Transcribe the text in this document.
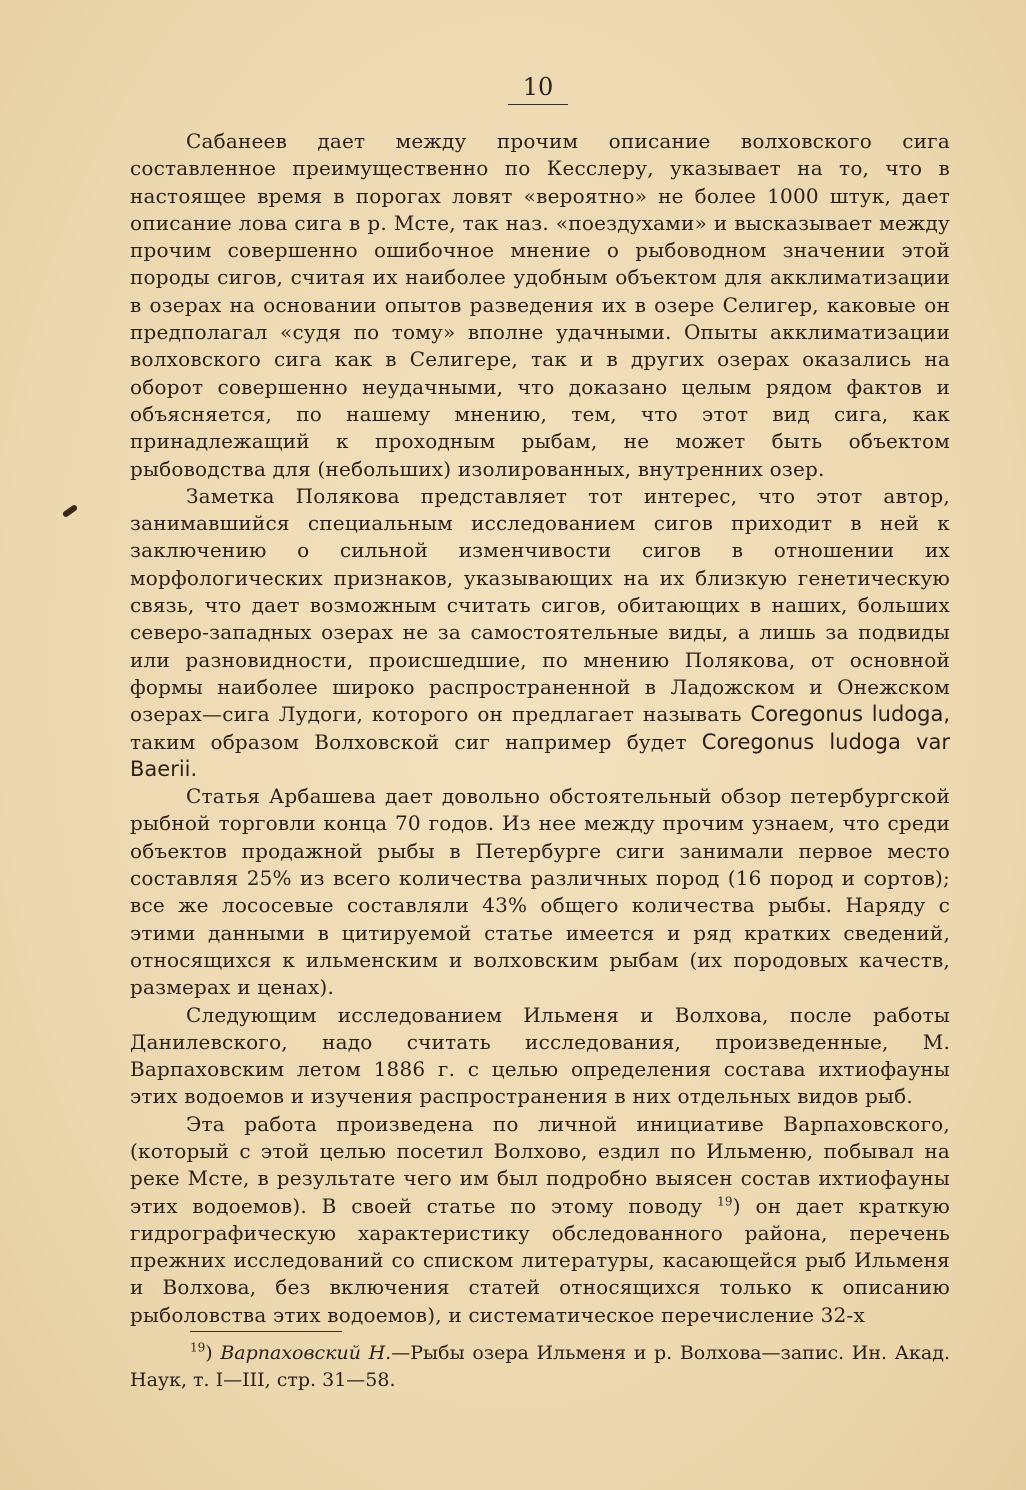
10

Сабанеев дает между прочим описание волховского сига составленное преимущественно по Кесслеру, указывает на то, что в настоящее время в порогах ловят «вероятно» не более 1000 штук, дает описание лова сига в р. Мсте, так наз. «поездухами» и высказывает между прочим совершенно ошибочное мнение о рыбоводном значении этой породы сигов, считая их наиболее удобным объектом для акклиматизации в озерах на основании опытов разведения их в озере Селигер, каковые он предполагал «судя по тому» вполне удачными. Опыты акклиматизации волховского сига как в Селигере, так и в других озерах оказались на оборот совершенно неудачными, что доказано целым рядом фактов и объясняется, по нашему мнению, тем, что этот вид сига, как принадлежащий к проходным рыбам, не может быть объектом рыбоводства для (небольших) изолированных, внутренних озер.

Заметка Полякова представляет тот интерес, что этот автор, занимавшийся специальным исследованием сигов приходит в ней к заключению о сильной изменчивости сигов в отношении их морфологических признаков, указывающих на их близкую генетическую связь, что дает возможным считать сигов, обитающих в наших, больших северо-западных озерах не за самостоятельные виды, а лишь за подвиды или разновидности, происшедшие, по мнению Полякова, от основной формы наиболее широко распространенной в Ладожском и Онежском озерах—сига Лудоги, которого он предлагает называть Coregonus ludoga, таким образом Волховской сиг например будет Coregonus ludoga var Baerii.

Статья Арбашева дает довольно обстоятельный обзор петербургской рыбной торговли конца 70 годов. Из нее между прочим узнаем, что среди объектов продажной рыбы в Петербурге сиги занимали первое место составляя 25% из всего количества различных пород (16 пород и сортов); все же лососевые составляли 43% общего количества рыбы. Наряду с этими данными в цитируемой статье имеется и ряд кратких сведений, относящихся к ильменским и волховским рыбам (их породовых качеств, размерах и ценах).

Следующим исследованием Ильменя и Волхова, после работы Данилевского, надо считать исследования, произведенные, М. Варпаховским летом 1886 г. с целью определения состава ихтиофауны этих водоемов и изучения распространения в них отдельных видов рыб.

Эта работа произведена по личной инициативе Варпаховского, (который с этой целью посетил Волхово, ездил по Ильменю, побывал на реке Мсте, в результате чего им был подробно выясен состав ихтиофауны этих водоемов). В своей статье по этому поводу $^{19}$) он дает краткую гидрографическую характеристику обследованного района, перечень прежних исследований со списком литературы, касающейся рыб Ильменя и Волхова, без включения статей относящихся только к описанию рыболовства этих водоемов), и систематическое перечисление 32-х

$^{19}$) Варпаховский Н.—Рыбы озера Ильменя и р. Волхова—запис. Ин. Акад. Наук, т. I—III, стр. 31—58.
